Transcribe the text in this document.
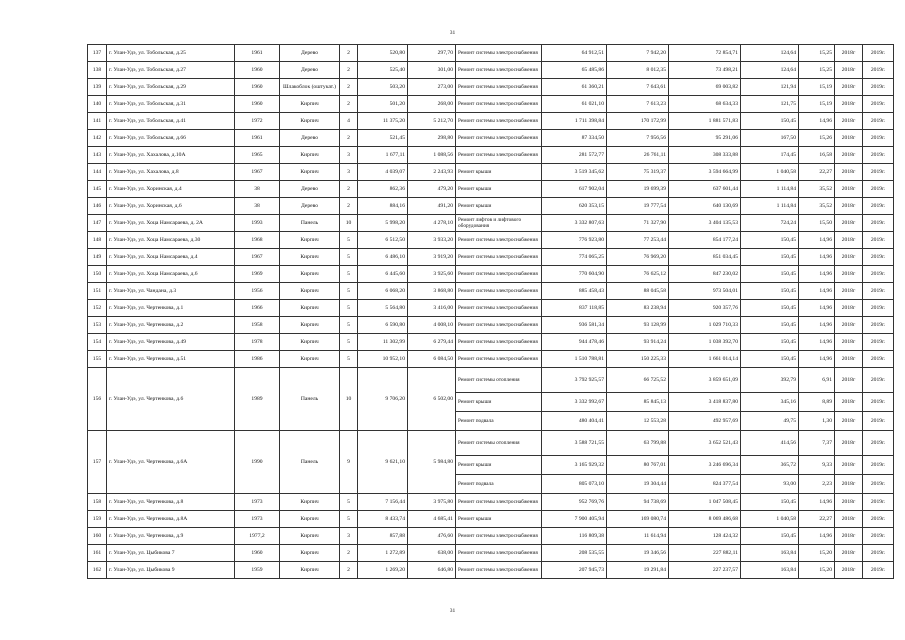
31
137	г. Улан-Удэ, ул. Тобольская, д.25	1961	Дерево	2	520,80	297,70	Ремонт системы электроснабжения	64 912,51	7 942,20	72 854,71	124,64	15,25	2018г	2019г.
138	г. Улан-Удэ, ул. Тобольская, д.27	1960	Дерево	2	525,40	301,00	Ремонт системы электроснабжения	65 485,86	8 012,35	73 498,21	124,64	15,25	2018г	2019г.
139	г. Улан-Удэ, ул. Тобольская, д.29	1960	Шлакоблок (оштукат.)	2	503,20	273,00	Ремонт системы электроснабжения	61 360,21	7 643,61	69 003,82	121,94	15,19	2018г	2019г.
140	г. Улан-Удэ, ул. Тобольская, д.31	1960	Кирпич	2	501,20	268,00	Ремонт системы электроснабжения	61 021,10	7 613,23	68 634,33	121,75	15,19	2018г	2019г.
141	г. Улан-Удэ, ул. Тобольская, д.41	1972	Кирпич	4	11 375,20	5 212,70	Ремонт системы электроснабжения	1 711 398,84	170 172,99	1 881 571,83	150,45	14,96	2018г	2019г.
142	г. Улан-Удэ, ул. Тобольская, д.66	1961	Дерево	2	521,45	298,80	Ремонт системы электроснабжения	87 334,50	7 956,56	95 291,06	167,50	15,26	2018г	2019г.
143	г. Улан-Удэ, ул. Хахалова, д.10А	1965	Кирпич	3	1 677,11	1 088,56	Ремонт системы электроснабжения	281 572,77	26 761,11	308 333,88	174,45	16,58	2018г	2019г.
144	г. Улан-Удэ, ул. Хахалова, д.8	1967	Кирпич	3	4 039,07	2 243,93	Ремонт крыши	3 519 345,62	75 319,37	3 594 664,99	1 040,58	22,27	2018г	2019г.
145	г. Улан-Удэ, ул. Хоринская, д.4	38	Дерево	2	862,36	479,20	Ремонт крыши	617 902,04	19 699,39	637 601,44	1 114,84	35,52	2018г	2019г.
146	г. Улан-Удэ, ул. Хоринская, д.6	38	Дерево	2	884,16	491,20	Ремонт крыши	620 353,15	19 777,54	640 130,69	1 114,84	35,52	2018г	2019г.
147	г. Улан-Удэ, ул. Хоца Намсараева, д. 2А	1993	Панель	10	5 998,20	4 278,10	Ремонт лифтов и лифтового оборудования	3 332 807,63	71 327,90	3 404 135,53	724,24	15,50	2018г	2019г.
148	г. Улан-Удэ, ул. Хоца Намсараева, д.30	1968	Кирпич	5	6 512,50	3 933,20	Ремонт системы электроснабжения	776 923,80	77 253,44	854 177,24	150,45	14,96	2018г	2019г.
149	г. Улан-Удэ, ул. Хоца Намсараева, д.4	1967	Кирпич	5	6 486,10	3 919,20	Ремонт системы электроснабжения	774 065,25	76 969,20	851 034,45	150,45	14,96	2018г	2019г.
150	г. Улан-Удэ, ул. Хоца Намсараева, д.6	1969	Кирпич	5	6 445,60	3 925,60	Ремонт системы электроснабжения	770 604,90	76 625,12	847 230,02	150,45	14,96	2018г	2019г.
151	г. Улан-Удэ, ул. Чандана, д.3	1956	Кирпич	5	6 068,20	3 868,80	Ремонт системы электроснабжения	885 458,43	88 045,58	973 504,01	150,45	14,96	2018г	2019г.
152	г. Улан-Удэ, ул. Чертенкова, д.1	1966	Кирпич	5	5 564,80	3 416,00	Ремонт системы электроснабжения	837 118,85	83 238,94	920 357,76	150,45	14,96	2018г	2019г.
153	г. Улан-Удэ, ул. Чертенкова, д.2	1958	Кирпич	5	6 590,80	4 008,10	Ремонт системы электроснабжения	936 581,34	93 128,99	1 029 710,33	150,45	14,96	2018г	2019г.
154	г. Улан-Удэ, ул. Чертенкова, д.49	1978	Кирпич	5	11 302,99	6 279,44	Ремонт системы электроснабжения	944 478,46	93 914,24	1 038 392,70	150,45	14,96	2018г	2019г.
155	г. Улан-Удэ, ул. Чертенкова, д.51	1986	Кирпич	5	10 952,10	6 084,50	Ремонт системы электроснабжения	1 510 788,81	150 225,33	1 661 014,14	150,45	14,96	2018г	2019г.
156	г. Улан-Удэ, ул. Чертенкова, д.6	1989	Панель	10	9 706,20	6 502,00	Ремонт системы отопления	3 792 925,57	66 725,52	3 859 651,09	392,79	6,91	2018г	2019г.
							Ремонт крыши	3 332 992,67	85 845,13	3 418 837,80	345,16	8,89	2018г	2019г.
							Ремонт подвала	480 404,41	12 553,28	492 957,69	49,75	1,30	2018г	2019г.
157	г. Улан-Удэ, ул. Чертенкова, д.6А	1990	Панель	9	9 621,10	5 984,80	Ремонт системы отопления	3 588 721,55	63 799,88	3 652 521,43	414,56	7,37	2018г	2019г.
							Ремонт крыши	3 165 929,32	80 767,01	3 246 696,34	365,72	9,33	2018г	2019г.
							Ремонт подвала	805 073,10	19 304,44	824 377,54	93,00	2,23	2018г	2019г.
158	г. Улан-Удэ, ул. Чертенкова, д.8	1973	Кирпич	5	7 156,44	3 975,80	Ремонт системы электроснабжения	952 769,76	94 738,69	1 047 508,45	150,45	14,96	2018г	2019г.
159	г. Улан-Удэ, ул. Чертенкова, д.8А	1973	Кирпич	5	8 433,74	4 685,41	Ремонт крыши	7 900 405,94	169 080,74	8 069 486,68	1 040,58	22,27	2018г	2019г.
160	г. Улан-Удэ, ул. Чертенкова, д.9	1977,2	Кирпич	3	857,88	476,60	Ремонт системы электроснабжения	116 809,38	11 614,94	128 424,32	150,45	14,96	2018г	2019г.
161	г. Улан-Удэ, ул. Цыбикова 7	1960	Кирпич	2	1 272,89	638,00	Ремонт системы электроснабжения	208 535,55	19 346,56	227 882,11	163,84	15,20	2018г	2019г.
162	г. Улан-Удэ, ул. Цыбикова 9	1959	Кирпич	2	1 269,20	646,80	Ремонт системы электроснабжения	207 945,73	19 291,84	227 237,57	163,84	15,20	2018г	2019г.
31
